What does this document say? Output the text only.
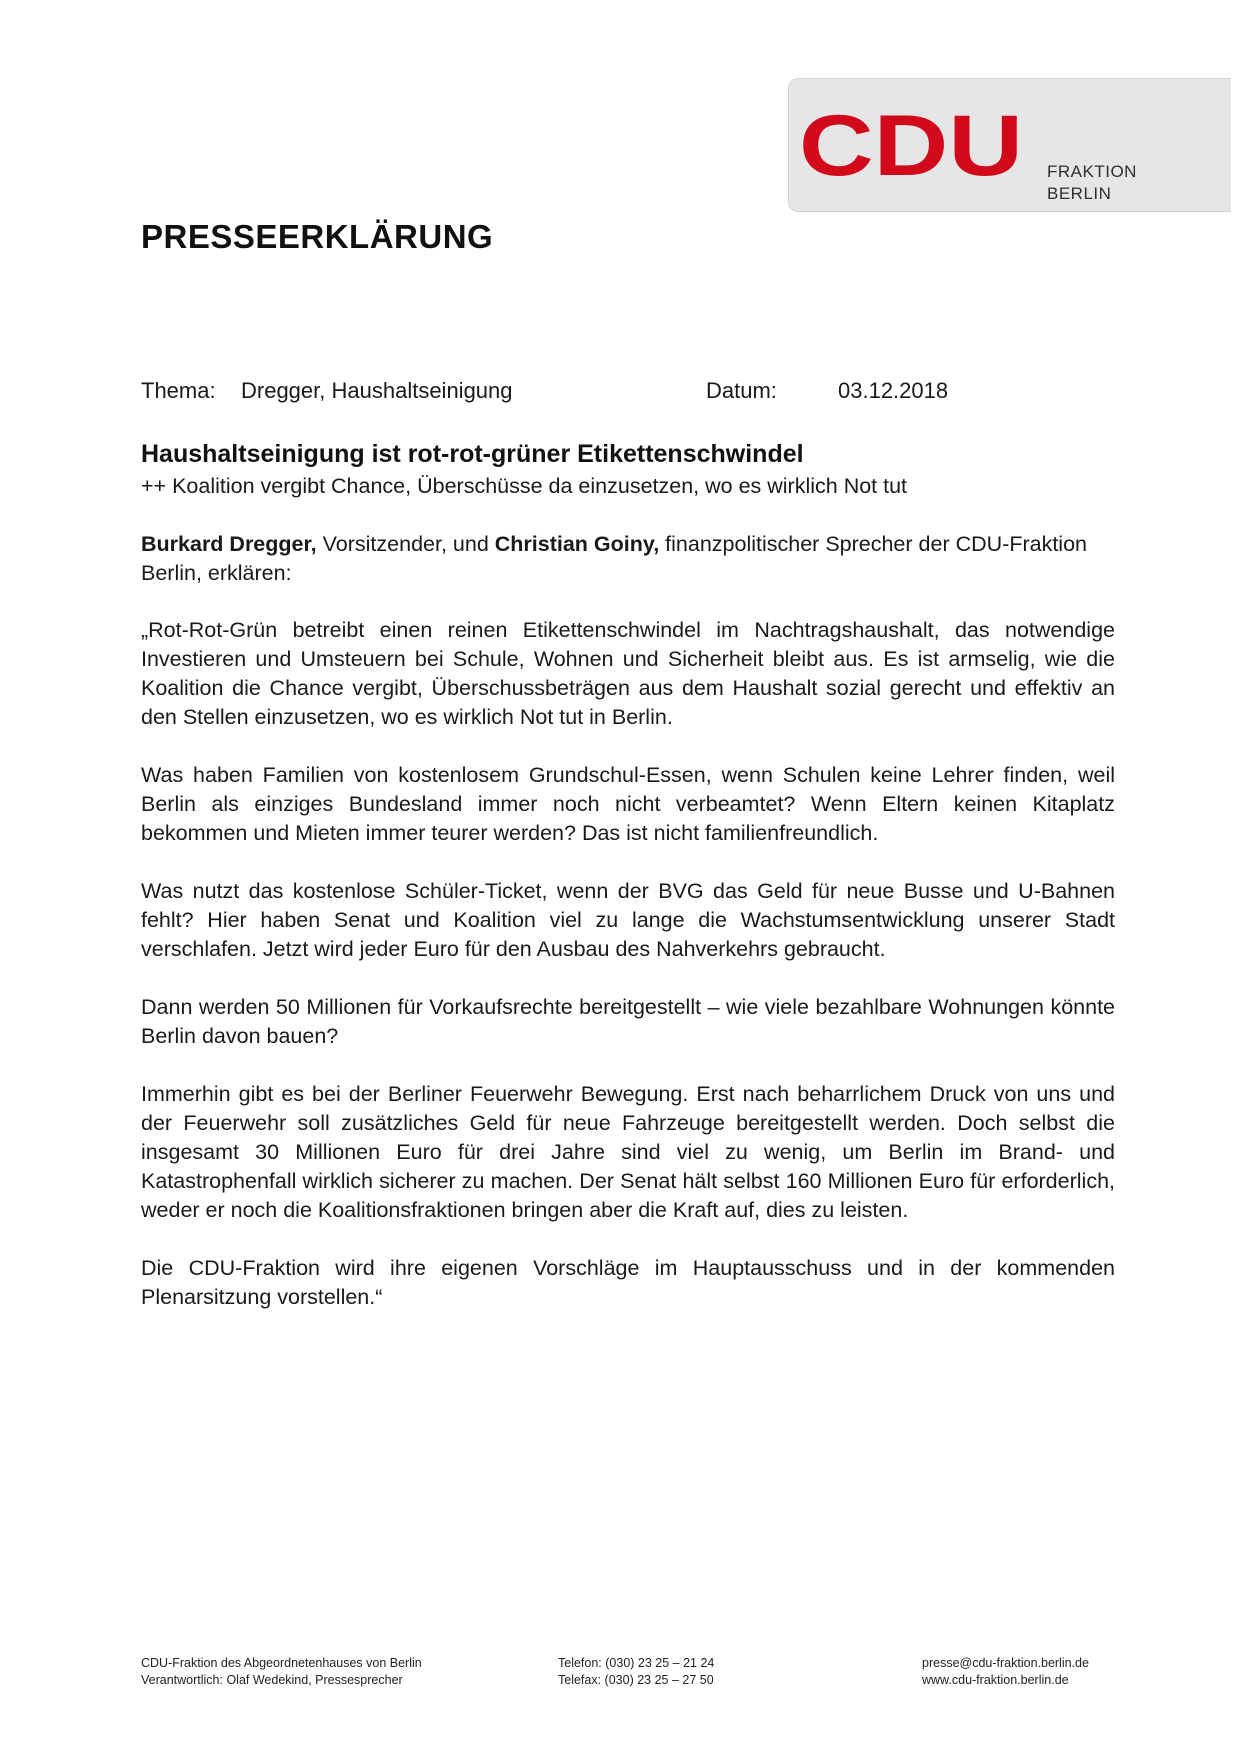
CDU FRAKTION
BERLIN
PRESSEERKLÄRUNG
Thema: Dregger, Haushaltseinigung	Datum:	03.12.2018
Haushaltseinigung ist rot-rot-grüner Etikettenschwindel
++ Koalition vergibt Chance, Überschüsse da einzusetzen, wo es wirklich Not tut
Burkard Dregger, Vorsitzender, und Christian Goiny, finanzpolitischer Sprecher der CDU-Fraktion Berlin, erklären:

„Rot-Rot-Grün betreibt einen reinen Etikettenschwindel im Nachtragshaushalt, das notwendige Investieren und Umsteuern bei Schule, Wohnen und Sicherheit bleibt aus. Es ist armselig, wie die Koalition die Chance vergibt, Überschussbeträgen aus dem Haushalt sozial gerecht und effektiv an den Stellen einzusetzen, wo es wirklich Not tut in Berlin.

Was haben Familien von kostenlosem Grundschul-Essen, wenn Schulen keine Lehrer finden, weil Berlin als einziges Bundesland immer noch nicht verbeamtet? Wenn Eltern keinen Kitaplatz bekommen und Mieten immer teurer werden? Das ist nicht familienfreundlich.

Was nutzt das kostenlose Schüler-Ticket, wenn der BVG das Geld für neue Busse und U-Bahnen fehlt? Hier haben Senat und Koalition viel zu lange die Wachstumsentwicklung unserer Stadt verschlafen. Jetzt wird jeder Euro für den Ausbau des Nahverkehrs gebraucht.

Dann werden 50 Millionen für Vorkaufsrechte bereitgestellt – wie viele bezahlbare Wohnungen könnte Berlin davon bauen?

Immerhin gibt es bei der Berliner Feuerwehr Bewegung. Erst nach beharrlichem Druck von uns und der Feuerwehr soll zusätzliches Geld für neue Fahrzeuge bereitgestellt werden. Doch selbst die insgesamt 30 Millionen Euro für drei Jahre sind viel zu wenig, um Berlin im Brand- und Katastrophenfall wirklich sicherer zu machen. Der Senat hält selbst 160 Millionen Euro für erforderlich, weder er noch die Koalitionsfraktionen bringen aber die Kraft auf, dies zu leisten.

Die CDU-Fraktion wird ihre eigenen Vorschläge im Hauptausschuss und in der kommenden Plenarsitzung vorstellen.“

CDU-Fraktion des Abgeordnetenhauses von Berlin
Verantwortlich: Olaf Wedekind, Pressesprecher
Telefon: (030) 23 25 – 21 24
Telefax: (030) 23 25 – 27 50
presse@cdu-fraktion.berlin.de
www.cdu-fraktion.berlin.de
